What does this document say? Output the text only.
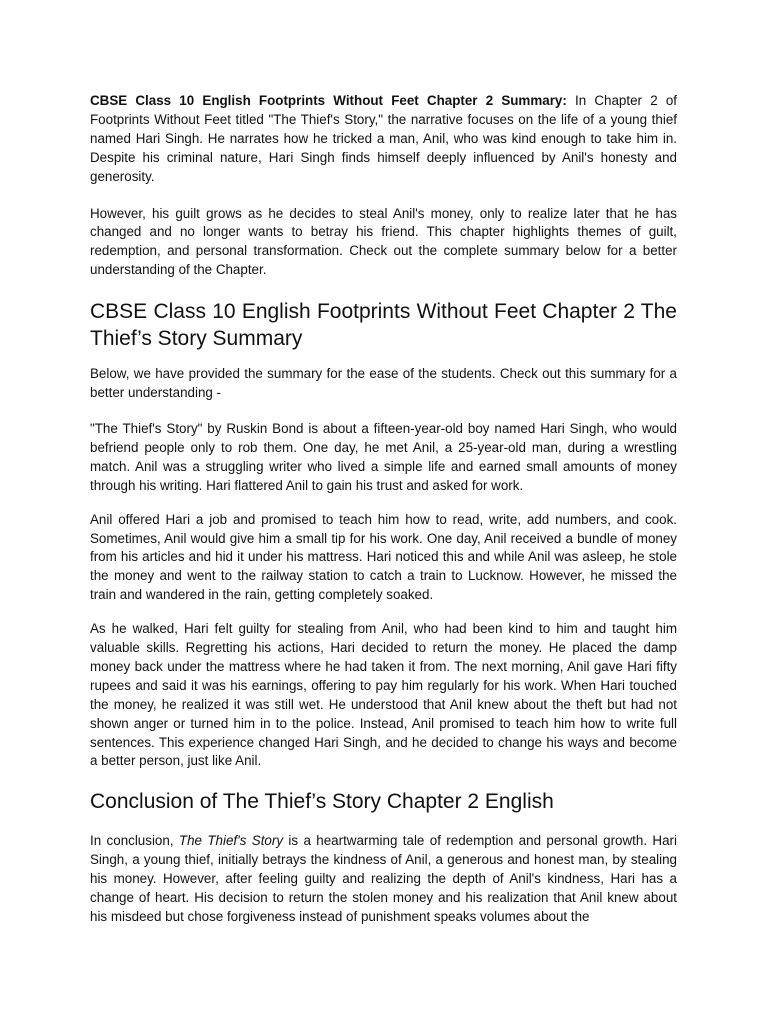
CBSE Class 10 English Footprints Without Feet Chapter 2 Summary: In Chapter 2 of Footprints Without Feet titled "The Thief's Story," the narrative focuses on the life of a young thief named Hari Singh. He narrates how he tricked a man, Anil, who was kind enough to take him in. Despite his criminal nature, Hari Singh finds himself deeply influenced by Anil's honesty and generosity.

However, his guilt grows as he decides to steal Anil's money, only to realize later that he has changed and no longer wants to betray his friend. This chapter highlights themes of guilt, redemption, and personal transformation. Check out the complete summary below for a better understanding of the Chapter.

CBSE Class 10 English Footprints Without Feet Chapter 2 The Thief’s Story Summary

Below, we have provided the summary for the ease of the students. Check out this summary for a better understanding -

"The Thief's Story" by Ruskin Bond is about a fifteen-year-old boy named Hari Singh, who would befriend people only to rob them. One day, he met Anil, a 25-year-old man, during a wrestling match. Anil was a struggling writer who lived a simple life and earned small amounts of money through his writing. Hari flattered Anil to gain his trust and asked for work.

Anil offered Hari a job and promised to teach him how to read, write, add numbers, and cook. Sometimes, Anil would give him a small tip for his work. One day, Anil received a bundle of money from his articles and hid it under his mattress. Hari noticed this and while Anil was asleep, he stole the money and went to the railway station to catch a train to Lucknow. However, he missed the train and wandered in the rain, getting completely soaked.

As he walked, Hari felt guilty for stealing from Anil, who had been kind to him and taught him valuable skills. Regretting his actions, Hari decided to return the money. He placed the damp money back under the mattress where he had taken it from. The next morning, Anil gave Hari fifty rupees and said it was his earnings, offering to pay him regularly for his work. When Hari touched the money, he realized it was still wet. He understood that Anil knew about the theft but had not shown anger or turned him in to the police. Instead, Anil promised to teach him how to write full sentences. This experience changed Hari Singh, and he decided to change his ways and become a better person, just like Anil.

Conclusion of The Thief’s Story Chapter 2 English

In conclusion, The Thief's Story is a heartwarming tale of redemption and personal growth. Hari Singh, a young thief, initially betrays the kindness of Anil, a generous and honest man, by stealing his money. However, after feeling guilty and realizing the depth of Anil's kindness, Hari has a change of heart. His decision to return the stolen money and his realization that Anil knew about his misdeed but chose forgiveness instead of punishment speaks volumes about the
